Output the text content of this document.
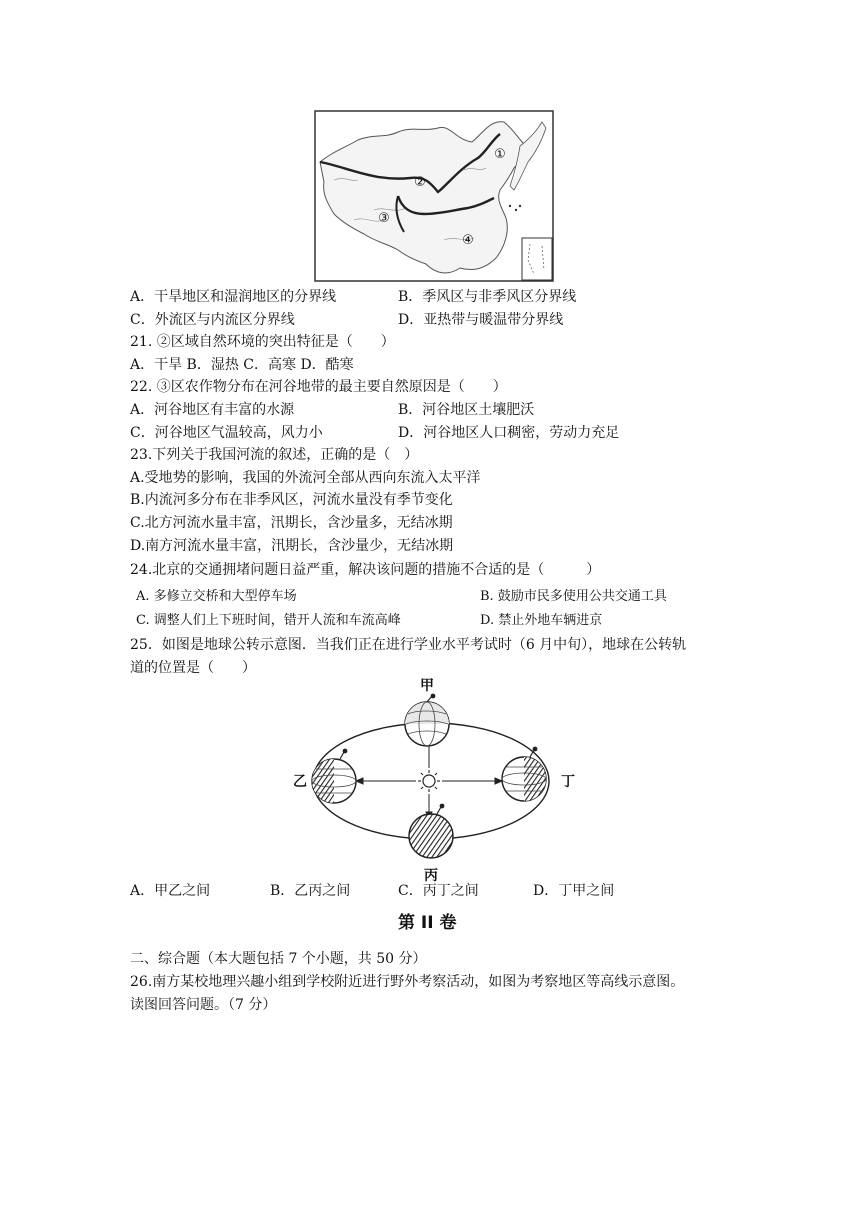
①
②
③
④
A．干旱地区和湿润地区的分界线	B．季风区与非季风区分界线
C．外流区与内流区分界线	D．亚热带与暖温带分界线
21. ②区域自然环境的突出特征是（　　）
A．干旱 B．湿热 C．高寒 D．酷寒
22. ③区农作物分布在河谷地带的最主要自然原因是（　　）
A．河谷地区有丰富的水源	B．河谷地区土壤肥沃
C．河谷地区气温较高，风力小	D．河谷地区人口稠密，劳动力充足
23.下列关于我国河流的叙述，正确的是（　）
A.受地势的影响，我国的外流河全部从西向东流入太平洋
B.内流河多分布在非季风区，河流水量没有季节变化
C.北方河流水量丰富，汛期长，含沙量多，无结冰期
D.南方河流水量丰富，汛期长，含沙量少，无结冰期
24.北京的交通拥堵问题日益严重，解决该问题的措施不合适的是（　　　）
A. 多修立交桥和大型停车场	B. 鼓励市民多使用公共交通工具
C. 调整人们上下班时间，错开人流和车流高峰	D. 禁止外地车辆进京
25．如图是地球公转示意图．当我们正在进行学业水平考试时（6 月中旬），地球在公转轨
道的位置是（　　）
甲
乙
丙
丁
A．甲乙之间	B．乙丙之间	C．丙丁之间	D．丁甲之间
第 II 卷
二、综合题（本大题包括 7 个小题，共 50 分）
26.南方某校地理兴趣小组到学校附近进行野外考察活动，如图为考察地区等高线示意图。
读图回答问题。（7 分）
